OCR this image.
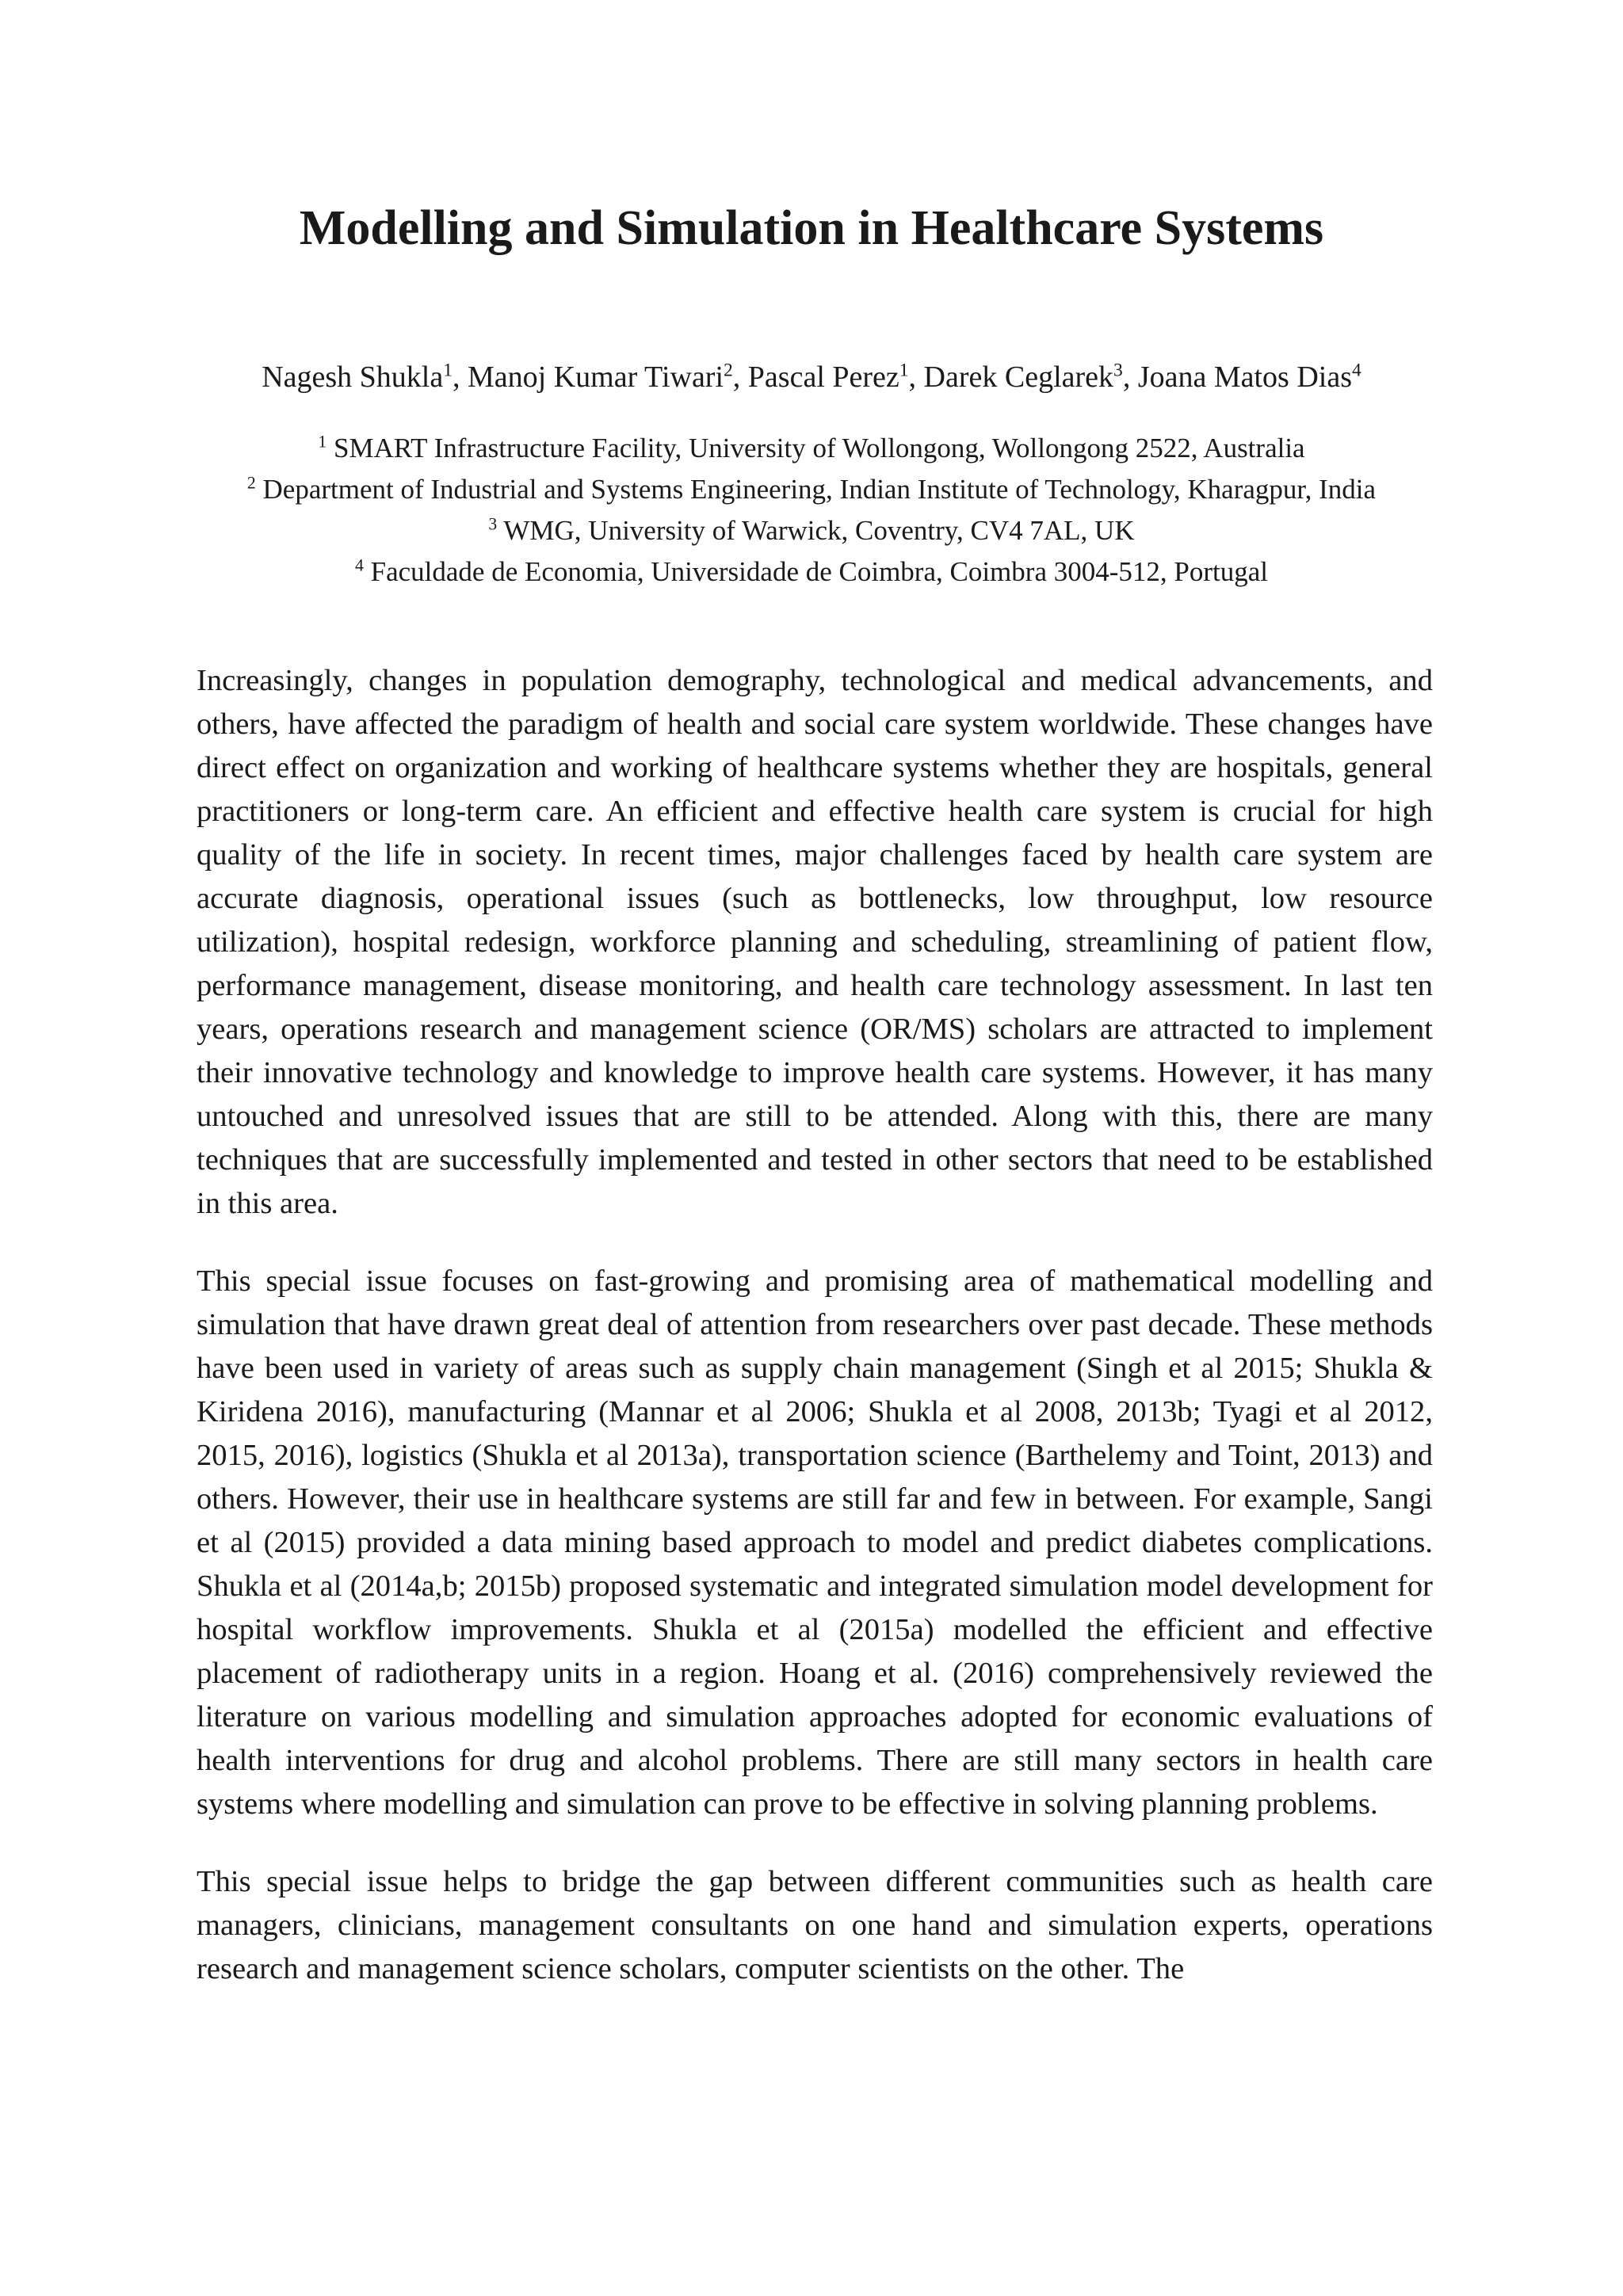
Modelling and Simulation in Healthcare Systems

Nagesh Shukla$^1$, Manoj Kumar Tiwari$^2$, Pascal Perez$^1$, Darek Ceglarek$^3$, Joana Matos Dias$^4$

$^1$ SMART Infrastructure Facility, University of Wollongong, Wollongong 2522, Australia
$^2$ Department of Industrial and Systems Engineering, Indian Institute of Technology, Kharagpur, India
$^3$ WMG, University of Warwick, Coventry, CV4 7AL, UK
$^4$ Faculdade de Economia, Universidade de Coimbra, Coimbra 3004-512, Portugal

Increasingly, changes in population demography, technological and medical advancements, and others, have affected the paradigm of health and social care system worldwide. These changes have direct effect on organization and working of healthcare systems whether they are hospitals, general practitioners or long-term care. An efficient and effective health care system is crucial for high quality of the life in society. In recent times, major challenges faced by health care system are accurate diagnosis, operational issues (such as bottlenecks, low throughput, low resource utilization), hospital redesign, workforce planning and scheduling, streamlining of patient flow, performance management, disease monitoring, and health care technology assessment. In last ten years, operations research and management science (OR/MS) scholars are attracted to implement their innovative technology and knowledge to improve health care systems. However, it has many untouched and unresolved issues that are still to be attended. Along with this, there are many techniques that are successfully implemented and tested in other sectors that need to be established in this area.

This special issue focuses on fast-growing and promising area of mathematical modelling and simulation that have drawn great deal of attention from researchers over past decade. These methods have been used in variety of areas such as supply chain management (Singh et al 2015; Shukla & Kiridena 2016), manufacturing (Mannar et al 2006; Shukla et al 2008, 2013b; Tyagi et al 2012, 2015, 2016), logistics (Shukla et al 2013a), transportation science (Barthelemy and Toint, 2013) and others. However, their use in healthcare systems are still far and few in between. For example, Sangi et al (2015) provided a data mining based approach to model and predict diabetes complications. Shukla et al (2014a,b; 2015b) proposed systematic and integrated simulation model development for hospital workflow improvements. Shukla et al (2015a) modelled the efficient and effective placement of radiotherapy units in a region. Hoang et al. (2016) comprehensively reviewed the literature on various modelling and simulation approaches adopted for economic evaluations of health interventions for drug and alcohol problems. There are still many sectors in health care systems where modelling and simulation can prove to be effective in solving planning problems.

This special issue helps to bridge the gap between different communities such as health care managers, clinicians, management consultants on one hand and simulation experts, operations research and management science scholars, computer scientists on the other. The
